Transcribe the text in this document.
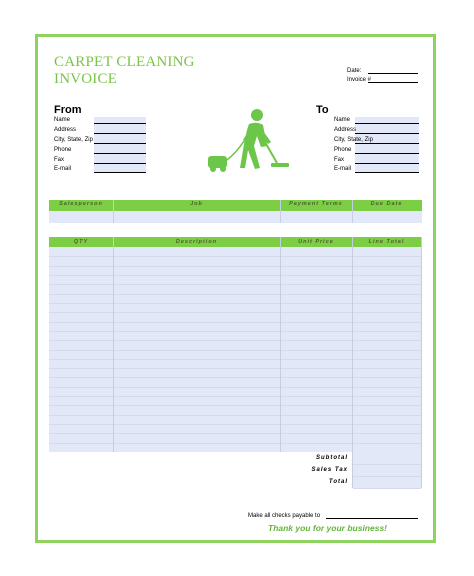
CARPET CLEANING
INVOICE	Date:
Invoice #
From
Name
Address
City, State, Zip
Phone
Fax
E-mail
To
Name
Address
City, State, Zip
Phone
Fax
E-mail
Salesperson	Job	Payment Terms	Due Date
QTY	Description	Unit Price	Line Total
Subtotal
Sales Tax
Total
Make all checks payable to
Thank you for your business!
